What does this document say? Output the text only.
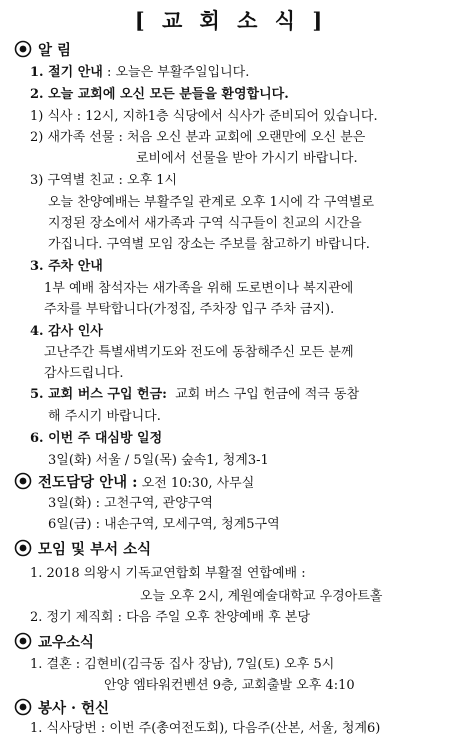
[ 교 회 소 식 ]
알 림
1. 절기 안내 : 오늘은 부활주일입니다.
2. 오늘 교회에 오신 모든 분들을 환영합니다.
1) 식사 : 12시, 지하1층 식당에서 식사가 준비되어 있습니다.
2) 새가족 선물 : 처음 오신 분과 교회에 오랜만에 오신 분은
로비에서 선물을 받아 가시기 바랍니다.
3) 구역별 친교 : 오후 1시
오늘 찬양예배는 부활주일 관계로 오후 1시에 각 구역별로
지정된 장소에서 새가족과 구역 식구들이 친교의 시간을
가집니다. 구역별 모임 장소는 주보를 참고하기 바랍니다.
3. 주차 안내
1부 예배 참석자는 새가족을 위해 도로변이나 복지관에
주차를 부탁합니다(가정집, 주차장 입구 주차 금지).
4. 감사 인사
고난주간 특별새벽기도와 전도에 동참해주신 모든 분께
감사드립니다.
5. 교회 버스 구입 헌금: 교회 버스 구입 헌금에 적극 동참
해 주시기 바랍니다.
6. 이번 주 대심방 일정
3일(화) 서울 / 5일(목) 숲속1, 청계3-1
전도담당 안내 : 오전 10:30, 사무실
3일(화) : 고천구역, 관양구역
6일(금) : 내손구역, 모세구역, 청계5구역
모임 및 부서 소식
1. 2018 의왕시 기독교연합회 부활절 연합예배 :
오늘 오후 2시, 계원예술대학교 우경아트홀
2. 정기 제직회 : 다음 주일 오후 찬양예배 후 본당
교우소식
1. 결혼 : 김현비(김극동 집사 장남), 7일(토) 오후 5시
안양 엠타워컨벤션 9층, 교회출발 오후 4:10
봉사 · 헌신
1. 식사당번 : 이번 주(총여전도회), 다음주(산본, 서울, 청계6)
